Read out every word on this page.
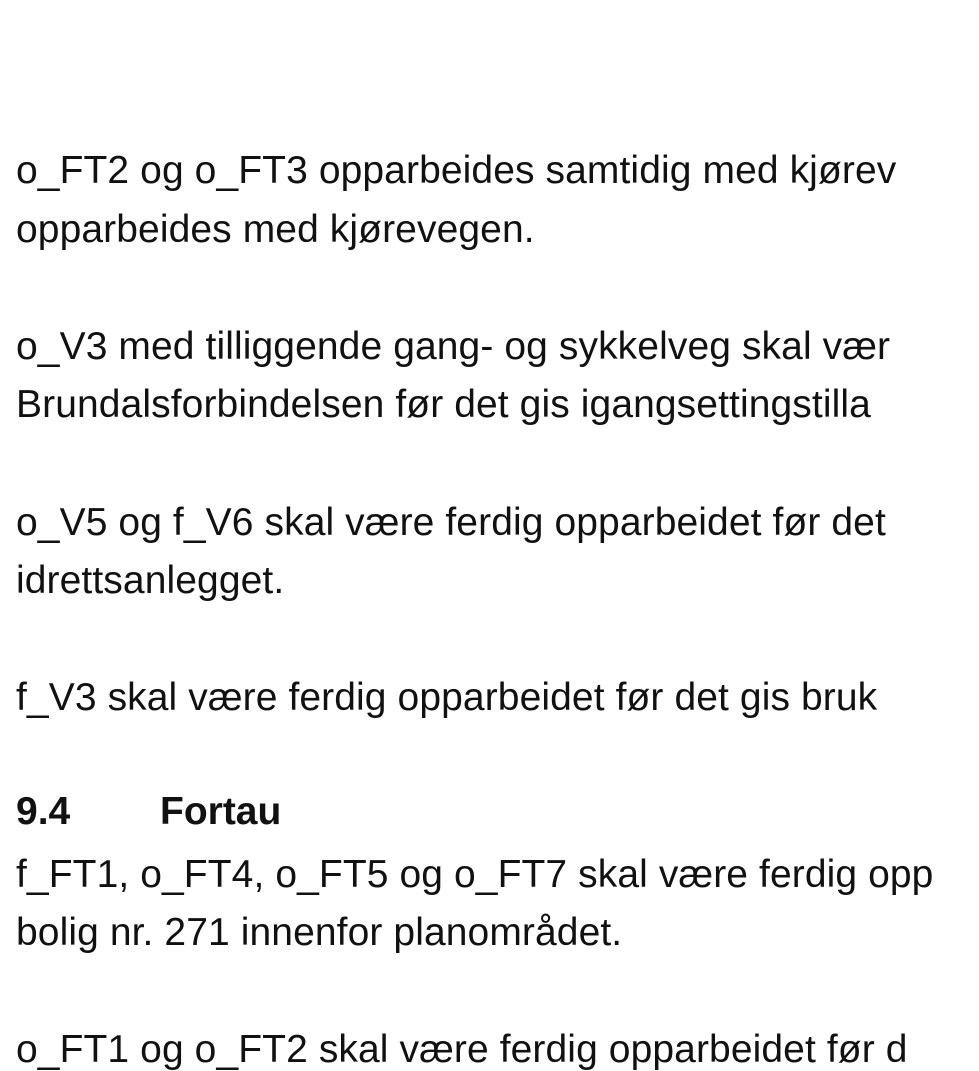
o_FT2 og o_FT3 opparbeides samtidig med kjørev
opparbeides med kjørevegen.
o_V3 med tilliggende gang- og sykkelveg skal vær
Brundalsforbindelsen før det gis igangsettingstilla
o_V5 og f_V6 skal være ferdig opparbeidet før det
idrettsanlegget.
f_V3 skal være ferdig opparbeidet før det gis bruk
9.4 Fortau
f_FT1, o_FT4, o_FT5 og o_FT7 skal være ferdig opp
bolig nr. 271 innenfor planområdet.
o_FT1 og o_FT2 skal være ferdig opparbeidet før d
